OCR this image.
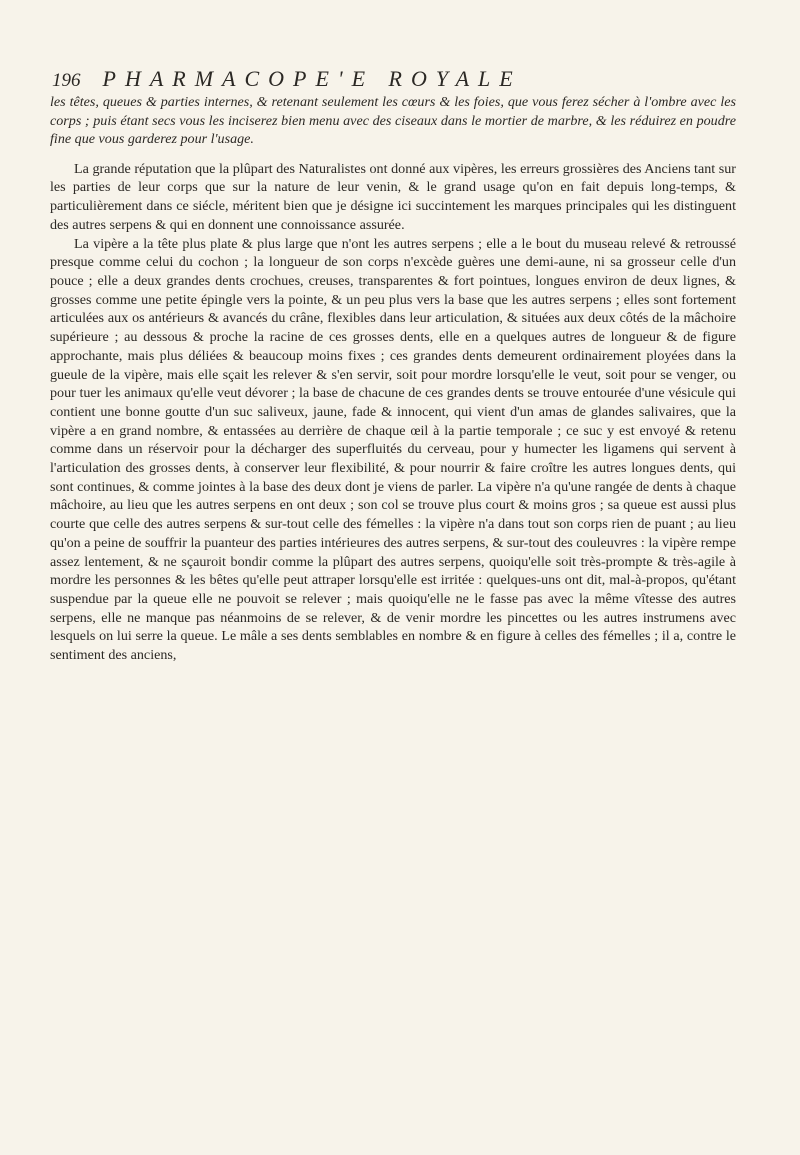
196 PHARMACOPE'E ROYALE

les têtes, queues & parties internes, & retenant seulement les cœurs & les foies, que vous ferez sécher à l'ombre avec les corps ; puis étant secs vous les inciserez bien menu avec des ciseaux dans le mortier de marbre, & les réduirez en poudre fine que vous garderez pour l'usage.

La grande réputation que la plûpart des Naturalistes ont donné aux vipères, les erreurs grossières des Anciens tant sur les parties de leur corps que sur la nature de leur venin, & le grand usage qu'on en fait depuis long-temps, & particulièrement dans ce siécle, méritent bien que je désigne ici succintement les marques principales qui les distinguent des autres serpens & qui en donnent une connoissance assurée.

La vipère a la tête plus plate & plus large que n'ont les autres serpens ; elle a le bout du museau relevé & retroussé presque comme celui du cochon ; la longueur de son corps n'excède guères une demi-aune, ni sa grosseur celle d'un pouce ; elle a deux grandes dents crochues, creuses, transparentes & fort pointues, longues environ de deux lignes, & grosses comme une petite épingle vers la pointe, & un peu plus vers la base que les autres serpens ; elles sont fortement articulées aux os antérieurs & avancés du crâne, flexibles dans leur articulation, & situées aux deux côtés de la mâchoire supérieure ; au dessous & proche la racine de ces grosses dents, elle en a quelques autres de longueur & de figure approchante, mais plus déliées & beaucoup moins fixes ; ces grandes dents demeurent ordinairement ployées dans la gueule de la vipère, mais elle sçait les relever & s'en servir, soit pour mordre lorsqu'elle le veut, soit pour se venger, ou pour tuer les animaux qu'elle veut dévorer ; la base de chacune de ces grandes dents se trouve entourée d'une vésicule qui contient une bonne goutte d'un suc saliveux, jaune, fade & innocent, qui vient d'un amas de glandes salivaires, que la vipère a en grand nombre, & entassées au derrière de chaque œil à la partie temporale ; ce suc y est envoyé & retenu comme dans un réservoir pour la décharger des superfluités du cerveau, pour y humecter les ligamens qui servent à l'articulation des grosses dents, à conserver leur flexibilité, & pour nourrir & faire croître les autres longues dents, qui sont continues, & comme jointes à la base des deux dont je viens de parler. La vipère n'a qu'une rangée de dents à chaque mâchoire, au lieu que les autres serpens en ont deux ; son col se trouve plus court & moins gros ; sa queue est aussi plus courte que celle des autres serpens & sur-tout celle des fémelles : la vipère n'a dans tout son corps rien de puant ; au lieu qu'on a peine de souffrir la puanteur des parties intérieures des autres serpens, & sur-tout des couleuvres : la vipère rempe assez lentement, & ne sçauroit bondir comme la plûpart des autres serpens, quoiqu'elle soit très-prompte & très-agile à mordre les personnes & les bêtes qu'elle peut attraper lorsqu'elle est irritée : quelques-uns ont dit, mal-à-propos, qu'étant suspendue par la queue elle ne pouvoit se relever ; mais quoiqu'elle ne le fasse pas avec la même vîtesse des autres serpens, elle ne manque pas néanmoins de se relever, & de venir mordre les pincettes ou les autres instrumens avec lesquels on lui serre la queue. Le mâle a ses dents semblables en nombre & en figure à celles des fémelles ; il a, contre le sentiment des anciens,
